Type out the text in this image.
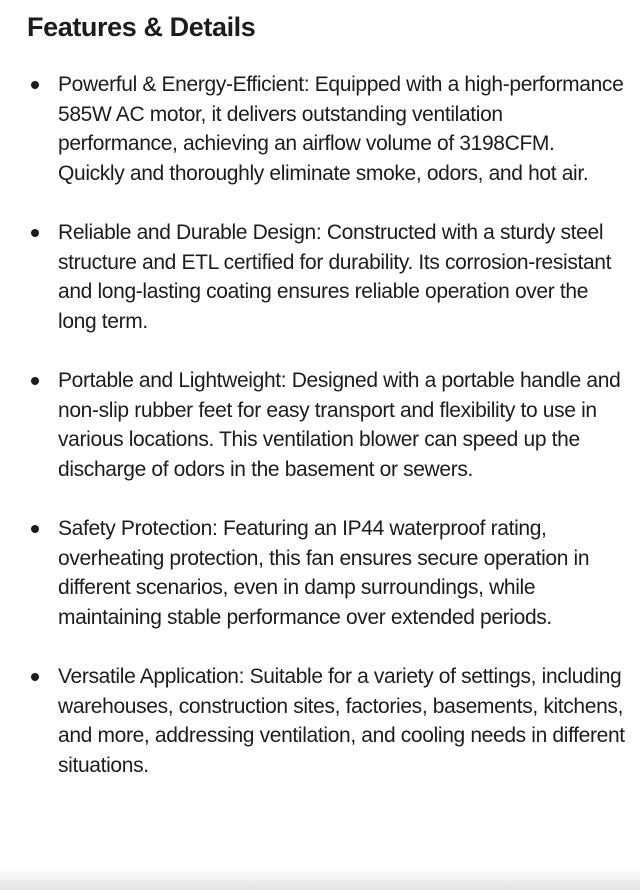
Features & Details
Powerful & Energy-Efficient: Equipped with a high-performance 585W AC motor, it delivers outstanding ventilation performance, achieving an airflow volume of 3198CFM. Quickly and thoroughly eliminate smoke, odors, and hot air.
Reliable and Durable Design: Constructed with a sturdy steel structure and ETL certified for durability. Its corrosion-resistant and long-lasting coating ensures reliable operation over the long term.
Portable and Lightweight: Designed with a portable handle and non-slip rubber feet for easy transport and flexibility to use in various locations. This ventilation blower can speed up the discharge of odors in the basement or sewers.
Safety Protection: Featuring an IP44 waterproof rating, overheating protection, this fan ensures secure operation in different scenarios, even in damp surroundings, while maintaining stable performance over extended periods.
Versatile Application: Suitable for a variety of settings, including warehouses, construction sites, factories, basements, kitchens, and more, addressing ventilation, and cooling needs in different situations.
